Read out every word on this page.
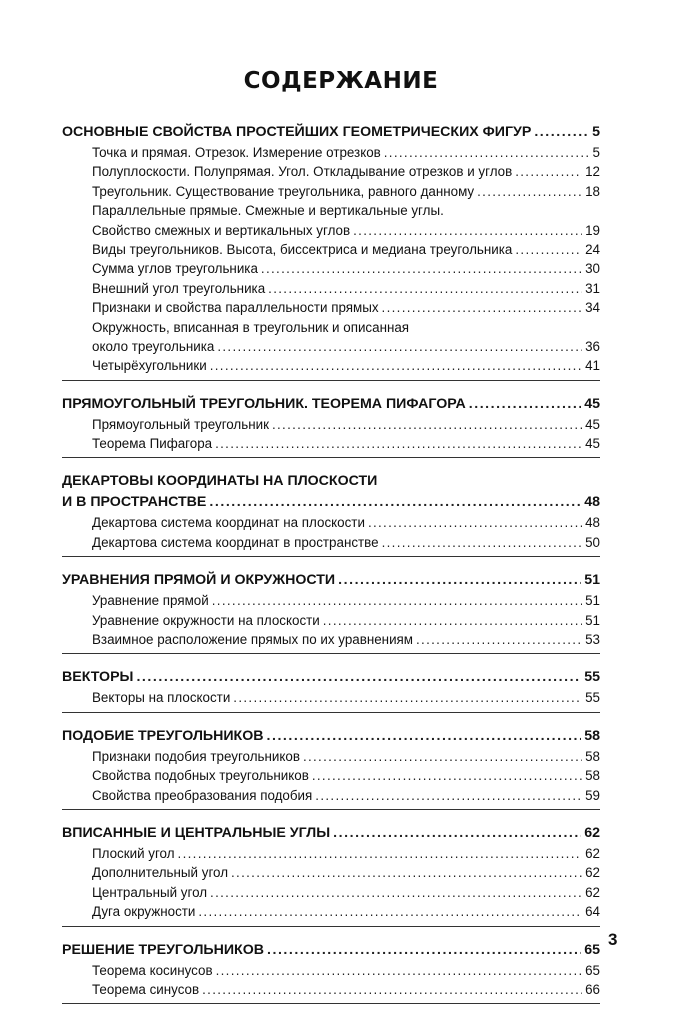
СОДЕРЖАНИЕ
ОСНОВНЫЕ СВОЙСТВА ПРОСТЕЙШИХ ГЕОМЕТРИЧЕСКИХ ФИГУР . . .	5
Точка и прямая. Отрезок. Измерение отрезков . . .	5
Полуплоскости. Полупрямая. Угол. Откладывание отрезков и углов . . .	12
Треугольник. Существование треугольника, равного данному . . .	18
Параллельные прямые. Смежные и вертикальные углы.
Свойство смежных и вертикальных углов . . .	19
Виды треугольников. Высота, биссектриса и медиана треугольника . . .	24
Сумма углов треугольника . . .	30
Внешний угол треугольника . . .	31
Признаки и свойства параллельности прямых . . .	34
Окружность, вписанная в треугольник и описанная
около треугольника . . .	36
Четырёхугольники . . .	41
ПРЯМОУГОЛЬНЫЙ ТРЕУГОЛЬНИК. ТЕОРЕМА ПИФАГОРА . . .	45
Прямоугольный треугольник . . .	45
Теорема Пифагора . . .	45
ДЕКАРТОВЫ КООРДИНАТЫ НА ПЛОСКОСТИ
И В ПРОСТРАНСТВЕ . . .	48
Декартова система координат на плоскости . . .	48
Декартова система координат в пространстве . . .	50
УРАВНЕНИЯ ПРЯМОЙ И ОКРУЖНОСТИ . . .	51
Уравнение прямой . . .	51
Уравнение окружности на плоскости . . .	51
Взаимное расположение прямых по их уравнениям . . .	53
ВЕКТОРЫ . . .	55
Векторы на плоскости . . .	55
ПОДОБИЕ ТРЕУГОЛЬНИКОВ . . .	58
Признаки подобия треугольников . . .	58
Свойства подобных треугольников . . .	58
Свойства преобразования подобия . . .	59
ВПИСАННЫЕ И ЦЕНТРАЛЬНЫЕ УГЛЫ . . .	62
Плоский угол . . .	62
Дополнительный угол . . .	62
Центральный угол . . .	62
Дуга окружности . . .	64
РЕШЕНИЕ ТРЕУГОЛЬНИКОВ . . .	65
Теорема косинусов . . .	65
Теорема синусов . . .	66
3
